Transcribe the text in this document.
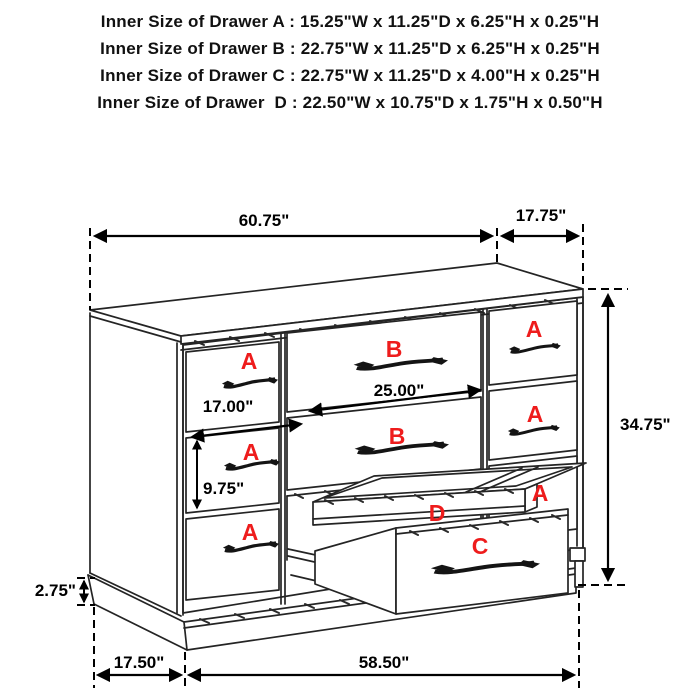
Inner Size of Drawer A : 15.25"W x 11.25"D x 6.25"H x 0.25"H
Inner Size of Drawer B : 22.75"W x 11.25"D x 6.25"H x 0.25"H
Inner Size of Drawer C : 22.75"W x 11.25"D x 4.00"H x 0.25"H
Inner Size of Drawer  D : 22.50"W x 10.75"D x 1.75"H x 0.50"H
A
A
A
B
B
A
A
A
D
C
60.75"	17.75"
34.75"
17.00"
25.00"
9.75"
2.75"
17.50"	58.50"
